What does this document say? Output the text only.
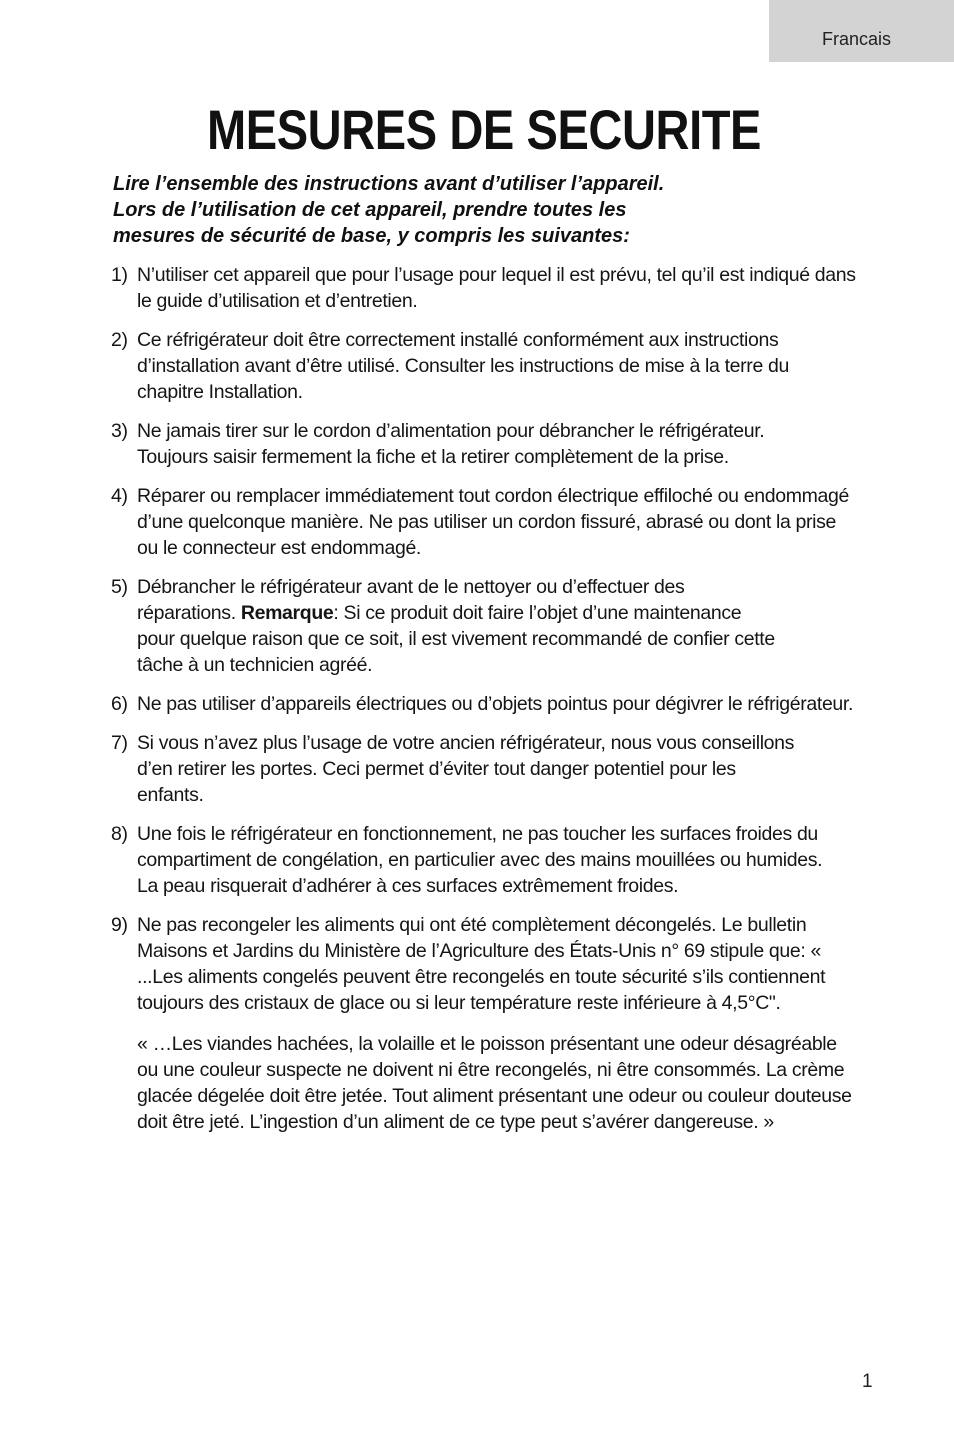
Francais
MESURES DE SECURITE

Lire l’ensemble des instructions avant d’utiliser l’appareil.

Lors de l’utilisation de cet appareil, prendre toutes les

mesures de sécurité de base, y compris les suivantes:

1) N’utiliser cet appareil que pour l’usage pour lequel il est prévu, tel qu’il est indiqué dans le guide d’utilisation et d’entretien.

2) Ce réfrigérateur doit être correctement installé conformément aux instructions d’installation avant d’être utilisé. Consulter les instructions de mise à la terre du chapitre Installation.

3) Ne jamais tirer sur le cordon d’alimentation pour débrancher le réfrigérateur. Toujours saisir fermement la fiche et la retirer complètement de la prise.

4) Réparer ou remplacer immédiatement tout cordon électrique effiloché ou endommagé d’une quelconque manière. Ne pas utiliser un cordon fissuré, abrasé ou dont la prise ou le connecteur est endommagé.

5) Débrancher le réfrigérateur avant de le nettoyer ou d’effectuer des réparations. Remarque: Si ce produit doit faire l’objet d’une maintenance pour quelque raison que ce soit, il est vivement recommandé de confier cette tâche à un technicien agréé.

6) Ne pas utiliser d’appareils électriques ou d’objets pointus pour dégivrer le réfrigérateur.

7) Si vous n’avez plus l’usage de votre ancien réfrigérateur, nous vous conseillons d’en retirer les portes. Ceci permet d’éviter tout danger potentiel pour les enfants.

8) Une fois le réfrigérateur en fonctionnement, ne pas toucher les surfaces froides du compartiment de congélation, en particulier avec des mains mouillées ou humides. La peau risquerait d’adhérer à ces surfaces extrêmement froides.

9) Ne pas recongeler les aliments qui ont été complètement décongelés. Le bulletin Maisons et Jardins du Ministère de l’Agriculture des États-Unis n° 69 stipule que: « ...Les aliments congelés peuvent être recongelés en toute sécurité s’ils contiennent toujours des cristaux de glace ou si leur température reste inférieure à 4,5°C".

« …Les viandes hachées, la volaille et le poisson présentant une odeur désagréable ou une couleur suspecte ne doivent ni être recongelés, ni être consommés. La crème glacée dégelée doit être jetée. Tout aliment présentant une odeur ou couleur douteuse doit être jeté. L’ingestion d’un aliment de ce type peut s’avérer dangereuse. »

1
